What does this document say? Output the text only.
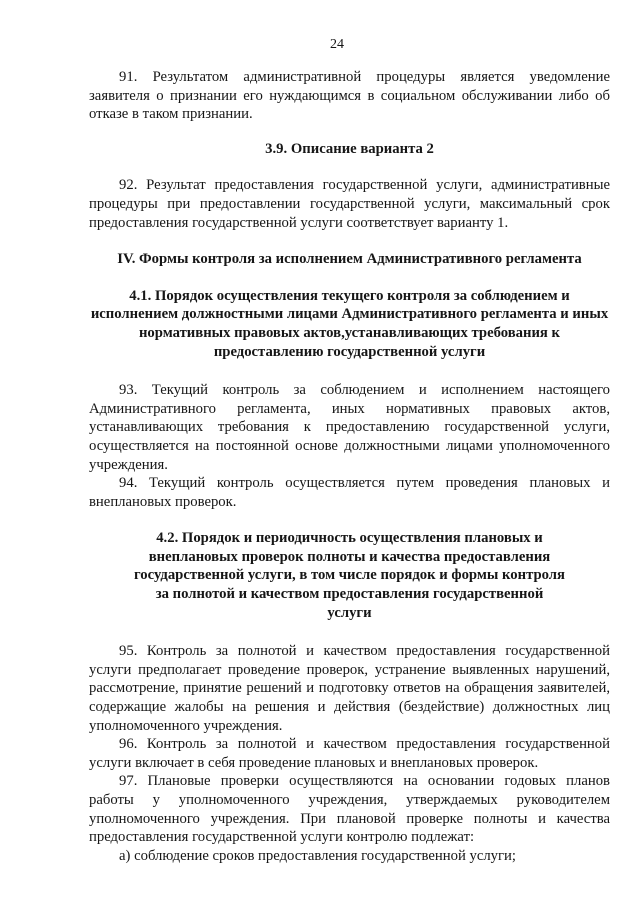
24

91. Результатом административной процедуры является уведомление заявителя о признании его нуждающимся в социальном обслуживании либо об отказе в таком признании.

3.9. Описание варианта 2

92. Результат предоставления государственной услуги, административные процедуры при предоставлении государственной услуги, максимальный срок предоставления государственной услуги соответствует варианту 1.

IV. Формы контроля за исполнением Административного регламента
4.1. Порядок осуществления текущего контроля за соблюдением и исполнением должностными лицами Административного регламента и иных нормативных правовых актов,устанавливающих требования к предоставлению государственной услуги

93. Текущий контроль за соблюдением и исполнением настоящего Административного регламента, иных нормативных правовых актов, устанавливающих требования к предоставлению государственной услуги, осуществляется на постоянной основе должностными лицами уполномоченного учреждения.

94. Текущий контроль осуществляется путем проведения плановых и внеплановых проверок.

4.2. Порядок и периодичность осуществления плановых и внеплановых проверок полноты и качества предоставления государственной услуги, в том числе порядок и формы контроля за полнотой и качеством предоставления государственной услуги

95. Контроль за полнотой и качеством предоставления государственной услуги предполагает проведение проверок, устранение выявленных нарушений, рассмотрение, принятие решений и подготовку ответов на обращения заявителей, содержащие жалобы на решения и действия (бездействие) должностных лиц уполномоченного учреждения.

96. Контроль за полнотой и качеством предоставления государственной услуги включает в себя проведение плановых и внеплановых проверок.

97. Плановые проверки осуществляются на основании годовых планов работы у уполномоченного учреждения, утверждаемых руководителем уполномоченного учреждения. При плановой проверке полноты и качества предоставления государственной услуги контролю подлежат:

а) соблюдение сроков предоставления государственной услуги;
